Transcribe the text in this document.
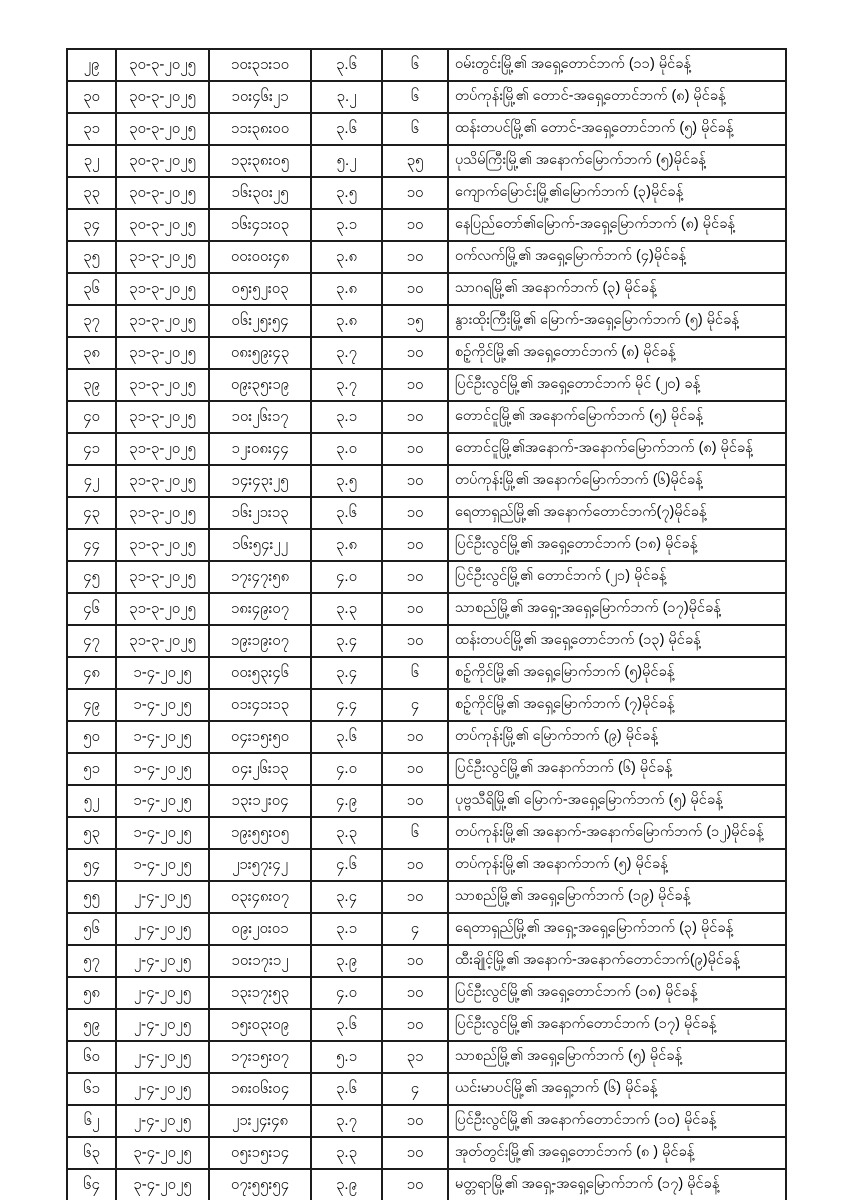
၂၉	၃၀-၃-၂၀၂၅	၁၀း၃၁း၁၀	၃.၆	၆	ဝမ်းတွင်းမြို့၏ အရှေ့တောင်ဘက် (၁၁) မိုင်ခန့်
၃၀	၃၀-၃-၂၀၂၅	၁၀း၄၆း၂၁	၃.၂	၆	တပ်ကုန်းမြို့၏ တောင်-အရှေ့တောင်ဘက် (၈) မိုင်ခန့်
၃၁	၃၀-၃-၂၀၂၅	၁၁း၃၈း၀၀	၃.၆	၆	ထန်းတပင်မြို့၏ တောင်-အရှေ့တောင်ဘက် (၅) မိုင်ခန့်
၃၂	၃၀-၃-၂၀၂၅	၁၃း၃၈း၀၅	၅.၂	၃၅	ပုသိမ်ကြီးမြို့၏ အနောက်မြောက်ဘက် (၅)မိုင်ခန့်
၃၃	၃၀-၃-၂၀၂၅	၁၆း၃၀း၂၅	၃.၅	၁၀	ကျောက်မြောင်းမြို့၏မြောက်ဘက် (၃)မိုင်ခန့်
၃၄	၃၀-၃-၂၀၂၅	၁၆း၄၁း၀၃	၃.၁	၁၀	နေပြည်တော်၏မြောက်-အရှေ့မြောက်ဘက် (၈) မိုင်ခန့်
၃၅	၃၁-၃-၂၀၂၅	၀၀း၀၀း၄၈	၃.၈	၁၀	ဝက်လက်မြို့၏ အရှေ့မြောက်ဘက် (၄)မိုင်ခန့်
၃၆	၃၁-၃-၂၀၂၅	၀၅း၅၂း၀၃	၃.၈	၁၀	သာဂရမြို့၏ အနောက်ဘက် (၃) မိုင်ခန့်
၃၇	၃၁-၃-၂၀၂၅	၀၆း၂၅း၅၄	၃.၈	၁၅	နွားထိုးကြီးမြို့၏ မြောက်-အရှေ့မြောက်ဘက် (၅) မိုင်ခန့်
၃၈	၃၁-၃-၂၀၂၅	၀၈း၅၉း၄၃	၃.၇	၁၀	စဉ့်ကိုင်မြို့၏ အရှေ့တောင်ဘက် (၈) မိုင်ခန့်
၃၉	၃၁-၃-၂၀၂၅	၀၉း၃၅း၁၉	၃.၇	၁၀	ပြင်ဦးလွင်မြို့၏ အရှေ့တောင်ဘက် မိုင် (၂၀) ခန့်
၄၀	၃၁-၃-၂၀၂၅	၁၀း၂၆း၁၇	၃.၁	၁၀	တောင်ငူမြို့၏ အနောက်မြောက်ဘက် (၅) မိုင်ခန့်
၄၁	၃၁-၃-၂၀၂၅	၁၂း၀၈း၄၄	၃.၀	၁၀	တောင်ငူမြို့၏အနောက်-အနောက်မြောက်ဘက် (၈) မိုင်ခန့်
၄၂	၃၁-၃-၂၀၂၅	၁၄း၄၃း၂၅	၃.၅	၁၀	တပ်ကုန်းမြို့၏ အနောက်မြောက်ဘက် (၆)မိုင်ခန့်
၄၃	၃၁-၃-၂၀၂၅	၁၆း၂၁း၁၃	၃.၆	၁၀	ရေတာရှည်မြို့၏ အနောက်တောင်ဘက်(၇)မိုင်ခန့်
၄၄	၃၁-၃-၂၀၂၅	၁၆း၅၄း၂၂	၃.၈	၁၀	ပြင်ဦးလွင်မြို့၏ အရှေ့တောင်ဘက် (၁၈) မိုင်ခန့်
၄၅	၃၁-၃-၂၀၂၅	၁၇း၄၇း၅၈	၄.၀	၁၀	ပြင်ဦးလွင်မြို့၏ တောင်ဘက် (၂၁) မိုင်ခန့်
၄၆	၃၁-၃-၂၀၂၅	၁၈း၄၉း၀၇	၃.၃	၁၀	သာစည်မြို့၏ အရှေ့-အရှေ့မြောက်ဘက် (၁၇)မိုင်ခန့်
၄၇	၃၁-၃-၂၀၂၅	၁၉း၁၉း၀၇	၃.၄	၁၀	ထန်းတပင်မြို့၏ အရှေ့တောင်ဘက် (၁၃) မိုင်ခန့်
၄၈	၁-၄-၂၀၂၅	၀၀း၅၃း၄၆	၃.၄	၆	စဉ့်ကိုင်မြို့၏ အရှေ့မြောက်ဘက် (၅)မိုင်ခန့်
၄၉	၁-၄-၂၀၂၅	၀၁း၄၁း၁၃	၄.၄	၄	စဉ့်ကိုင်မြို့၏ အရှေ့မြောက်ဘက် (၇)မိုင်ခန့်
၅၀	၁-၄-၂၀၂၅	၀၄း၁၅း၅၀	၃.၆	၁၀	တပ်ကုန်းမြို့၏ မြောက်ဘက် (၉) မိုင်ခန့်
၅၁	၁-၄-၂၀၂၅	၀၄း၂၆း၁၃	၄.၀	၁၀	ပြင်ဦးလွင်မြို့၏ အနောက်ဘက် (၆) မိုင်ခန့်
၅၂	၁-၄-၂၀၂၅	၁၃း၁၂း၀၄	၄.၉	၁၀	ပုဗ္ဗသီရိမြို့၏ မြောက်-အရှေ့မြောက်ဘက် (၅) မိုင်ခန့်
၅၃	၁-၄-၂၀၂၅	၁၉း၅၅း၀၅	၃.၃	၆	တပ်ကုန်းမြို့၏ အနောက်-အနောက်မြောက်ဘက် (၁၂)မိုင်ခန့်
၅၄	၁-၄-၂၀၂၅	၂၁း၅၇း၄၂	၄.၆	၁၀	တပ်ကုန်းမြို့၏ အနောက်ဘက် (၅) မိုင်ခန့်
၅၅	၂-၄-၂၀၂၅	၀၃း၄၈း၀၇	၃.၄	၁၀	သာစည်မြို့၏ အရှေ့မြောက်ဘက် (၁၉) မိုင်ခန့်
၅၆	၂-၄-၂၀၂၅	၀၉း၂၀း၀၁	၃.၁	၄	ရေတာရှည်မြို့၏ အရှေ့-အရှေ့မြောက်ဘက် (၃) မိုင်ခန့်
၅၇	၂-၄-၂၀၂၅	၁၀း၁၇း၁၂	၃.၉	၁၀	ထီးချိုင့်မြို့၏ အနောက်-အနောက်တောင်ဘက်(၉)မိုင်ခန့်
၅၈	၂-၄-၂၀၂၅	၁၃း၁၇း၅၃	၄.၀	၁၀	ပြင်ဦးလွင်မြို့၏ အရှေ့တောင်ဘက် (၁၈) မိုင်ခန့်
၅၉	၂-၄-၂၀၂၅	၁၅း၀၃း၀၉	၃.၆	၁၀	ပြင်ဦးလွင်မြို့၏ အနောက်တောင်ဘက် (၁၇) မိုင်ခန့်
၆၀	၂-၄-၂၀၂၅	၁၇း၁၅း၀၇	၅.၁	၃၁	သာစည်မြို့၏ အရှေ့မြောက်ဘက် (၅) မိုင်ခန့်
၆၁	၂-၄-၂၀၂၅	၁၈း၀၆း၀၄	၃.၆	၄	ယင်းမာပင်မြို့၏ အရှေ့ဘက် (၆) မိုင်ခန့်
၆၂	၂-၄-၂၀၂၅	၂၁း၂၄း၄၈	၃.၇	၁၀	ပြင်ဦးလွင်မြို့၏ အနောက်တောင်ဘက် (၁၀) မိုင်ခန့်
၆၃	၃-၄-၂၀၂၅	၀၅း၁၅း၁၄	၃.၃	၁၀	အုတ်တွင်းမြို့၏ အရှေ့တောင်ဘက် (၈ ) မိုင်ခန့်
၆၄	၃-၄-၂၀၂၅	၀၇း၅၅း၅၄	၃.၉	၁၀	မတ္တရာမြို့၏ အရှေ့-အရှေ့မြောက်ဘက် (၁၇) မိုင်ခန့်
